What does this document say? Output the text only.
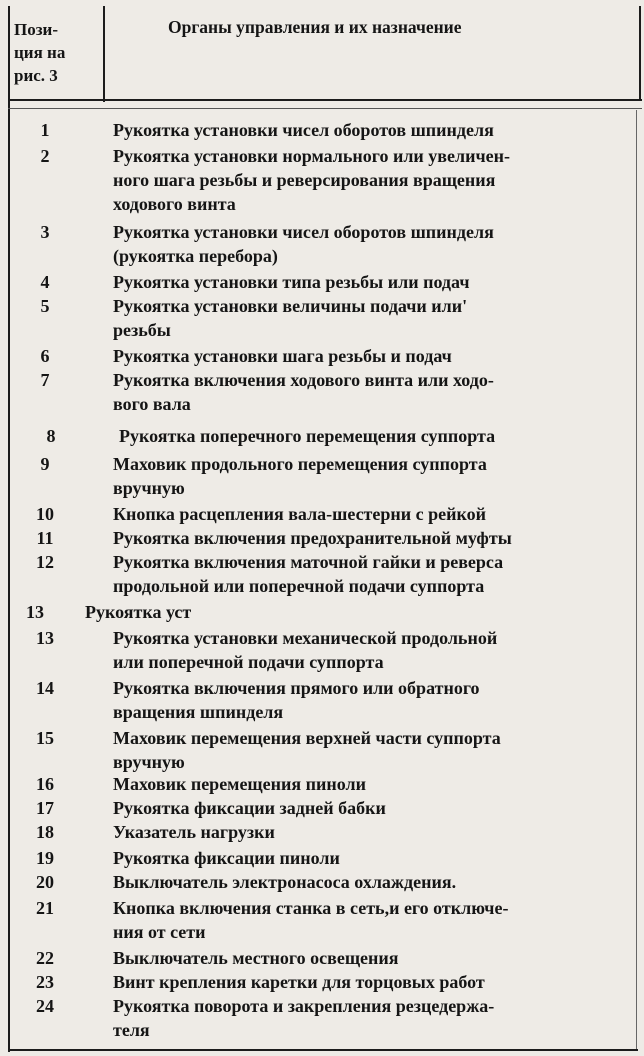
Пози-
ция на
рис. 3
Органы управления и их назначение
1	Рукоятка установки чисел оборотов шпинделя
2	Рукоятка установки нормального или увеличен-
ного шага резьбы и реверсирования вращения
ходового винта
3	Рукоятка установки чисел оборотов шпинделя
(рукоятка перебора)
4	Рукоятка установки типа резьбы или подач
5	Рукоятка установки величины подачи или'
резьбы
6	Рукоятка установки шага резьбы и подач
7	Рукоятка включения ходового винта или ходо-
вого вала
8	Рукоятка поперечного перемещения суппорта
9	Маховик продольного перемещения суппорта
вручную
10	Кнопка расцепления вала-шестерни с рейкой
11	Рукоятка включения предохранительной муфты
12	Рукоятка включения маточной гайки и реверса
продольной или поперечной подачи суппорта
13	Рукоятка уст
13	Рукоятка установки механической продольной
или поперечной подачи суппорта
14	Рукоятка включения прямого или обратного
вращения шпинделя
15	Маховик перемещения верхней части суппорта
вручную
16	Маховик перемещения пиноли
17	Рукоятка фиксации задней бабки
18	Указатель нагрузки
19	Рукоятка фиксации пиноли
20	Выключатель электронасоса охлаждения.
21	Кнопка включения станка в сеть,и его отключе-
ния от сети
22	Выключатель местного освещения
23	Винт крепления каретки для торцовых работ
24	Рукоятка поворота и закрепления резцедержа-
теля
